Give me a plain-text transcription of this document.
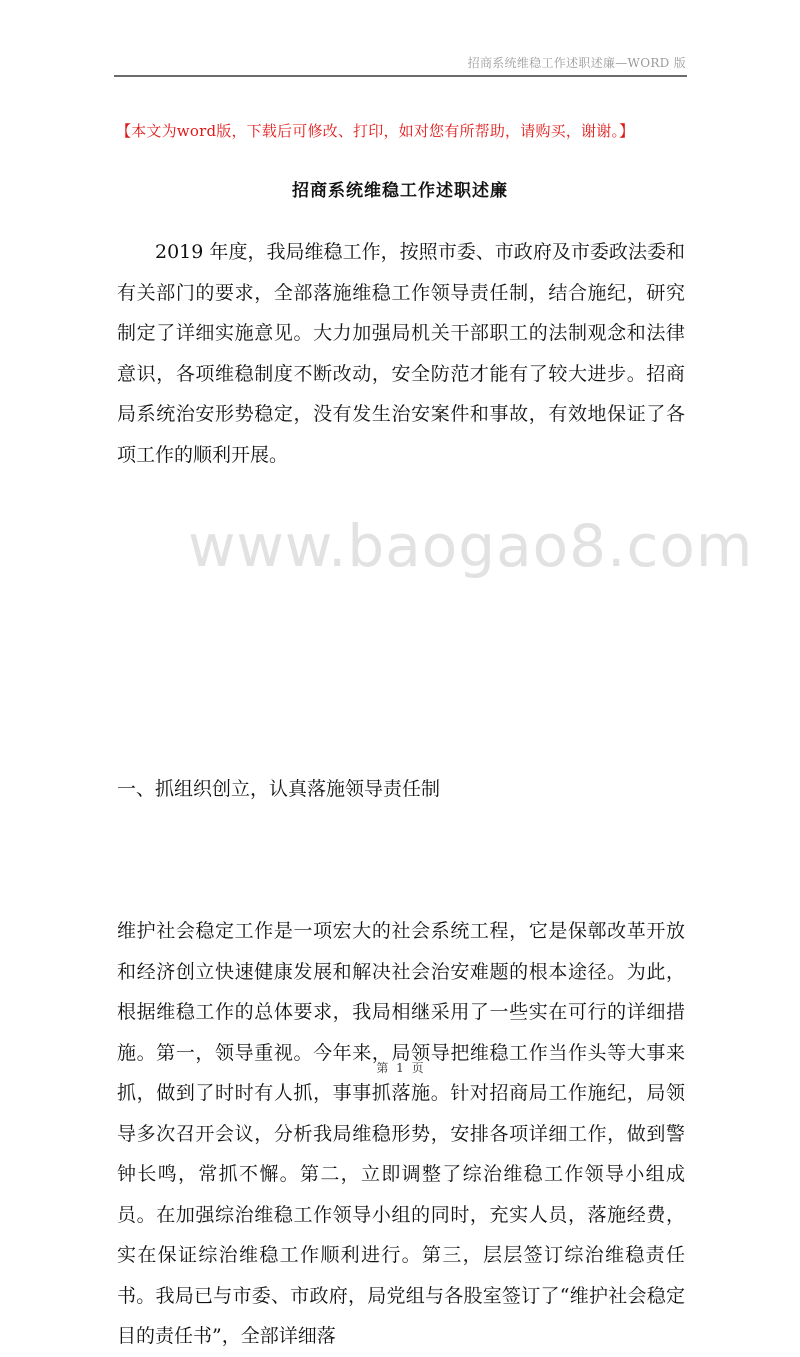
招商系统维稳工作述职述廉—WORD 版
【本文为word版，下载后可修改、打印，如对您有所帮助，请购买，谢谢。】
招商系统维稳工作述职述廉
2019 年度，我局维稳工作，按照市委、市政府及市委政法委和有关部门的要求，全部落施维稳工作领导责任制，结合施纪，研究制定了详细实施意见。大力加强局机关干部职工的法制观念和法律意识，各项维稳制度不断改动，安全防范才能有了较大进步。招商局系统治安形势稳定，没有发生治安案件和事故，有效地保证了各项工作的顺利开展。
www.baogao8.com
一、抓组织创立，认真落施领导责任制
维护社会稳定工作是一项宏大的社会系统工程，它是保鄣改革开放和经济创立快速健康发展和解决社会治安难题的根本途径。为此，根据维稳工作的总体要求，我局相继采用了一些实在可行的详细措施。第一，领导重视。今年来，局领导把维稳工作当作头等大事来抓，做到了时时有人抓，事事抓落施。针对招商局工作施纪，局领导多次召开会议，分析我局维稳形势，安排各项详细工作，做到警钟长鸣，常抓不懈。第二，立即调整了综治维稳工作领导小组成员。在加强综治维稳工作领导小组的同时，充实人员，落施经费，实在保证综治维稳工作顺利进行。第三，层层签订综治维稳责任书。我局已与市委、市政府，局党组与各股室签订了“维护社会稳定目的责任书”，全部详细落
第 1 页
